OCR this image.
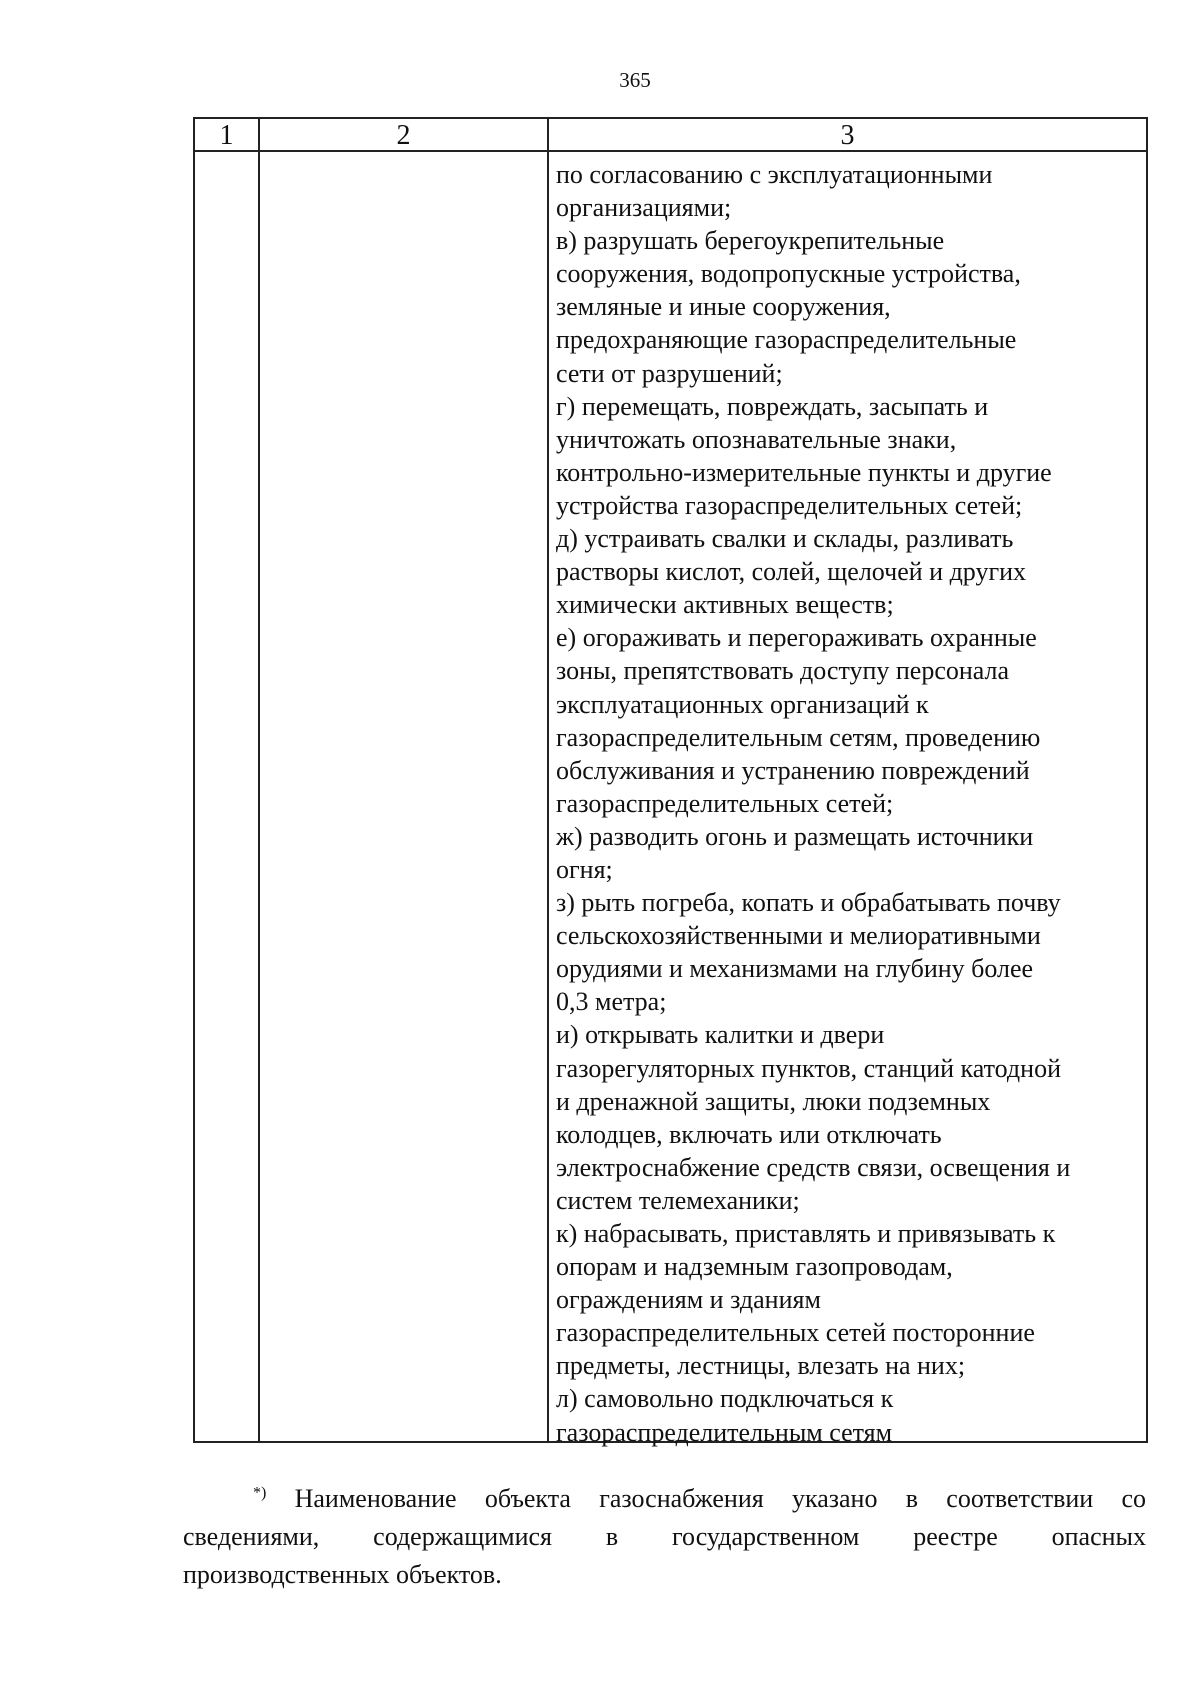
365
1	2	3
по согласованию с эксплуатационными
организациями;
в) разрушать берегоукрепительные
сооружения, водопропускные устройства,
земляные и иные сооружения,
предохраняющие газораспределительные
сети от разрушений;
г) перемещать, повреждать, засыпать и
уничтожать опознавательные знаки,
контрольно-измерительные пункты и другие
устройства газораспределительных сетей;
д) устраивать свалки и склады, разливать
растворы кислот, солей, щелочей и других
химически активных веществ;
е) огораживать и перегораживать охранные
зоны, препятствовать доступу персонала
эксплуатационных организаций к
газораспределительным сетям, проведению
обслуживания и устранению повреждений
газораспределительных сетей;
ж) разводить огонь и размещать источники
огня;
з) рыть погреба, копать и обрабатывать почву
сельскохозяйственными и мелиоративными
орудиями и механизмами на глубину более
0,3 метра;
и) открывать калитки и двери
газорегуляторных пунктов, станций катодной
и дренажной защиты, люки подземных
колодцев, включать или отключать
электроснабжение средств связи, освещения и
систем телемеханики;
к) набрасывать, приставлять и привязывать к
опорам и надземным газопроводам,
ограждениям и зданиям
газораспределительных сетей посторонние
предметы, лестницы, влезать на них;
л) самовольно подключаться к
газораспределительным сетям
*) Наименование объекта газоснабжения указано в соответствии со
сведениями, содержащимися в государственном реестре опасных
производственных объектов.
